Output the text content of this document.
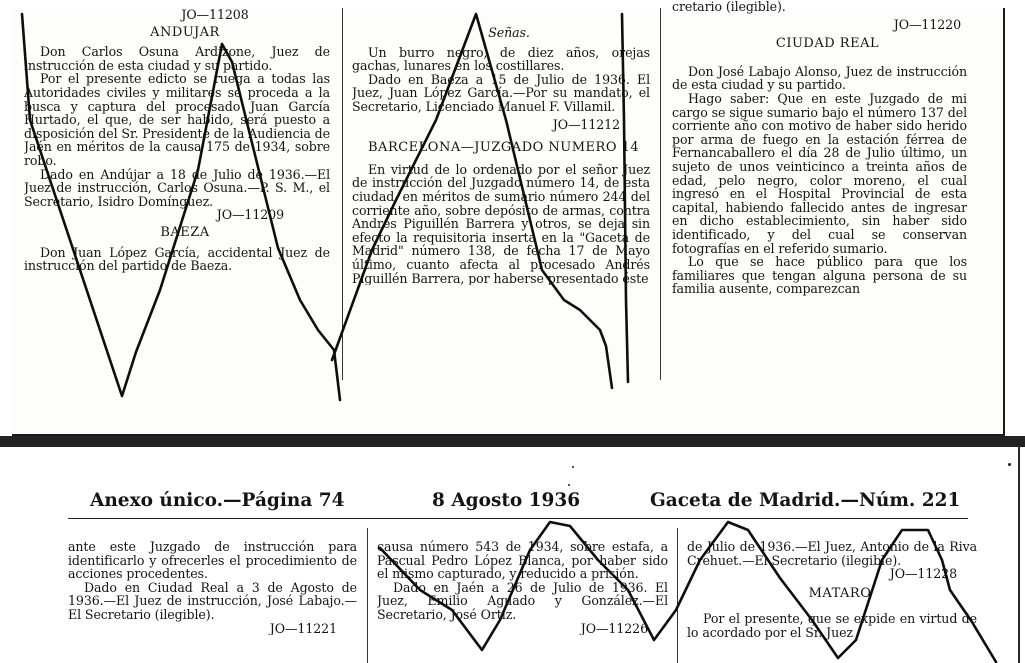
JO—11208

ANDUJAR

Don Carlos Osuna Ardizone, Juez de instrucción de esta ciudad y su partido.

Por el presente edicto se ruega a todas las Autoridades civiles y militares se proceda a la busca y captura del procesado Juan García Hurtado, el que, de ser habido, será puesto a disposición del Sr. Presidente de la Audiencia de Jaén en méritos de la causa 175 de 1934, sobre robo.

Dado en Andújar a 18 de Julio de 1936.—El Juez de instrucción, Carlos Osuna.—P. S. M., el Secretario, Isidro Domínguez.

JO—11209

BAEZA

Don Juan López García, accidental Juez de instrucción del partido de Baeza.

Señas.

Un burro negro, de diez años, orejas gachas, lunares en los costillares.

Dado en Baeza a 15 de Julio de 1936. El Juez, Juan López García.—Por su mandato, el Secretario, Licenciado Manuel F. Villamil.

JO—11212

BARCELONA—JUZGADO NUMERO 14

En virtud de lo ordenado por el señor Juez de instrucción del Juzgado número 14, de esta ciudad, en méritos de sumario número 244 del corriente año, sobre depósito de armas, contra Andrés Piguillén Barrera y otros, se deja sin efecto la requisitoria inserta en la "Gaceta de Madrid" número 138, de fecha 17 de Mayo último, cuanto afecta al procesado Andrés Piguillén Barrera, por haberse presentado éste

cretario (ilegible).

JO—11220

CIUDAD REAL

Don José Labajo Alonso, Juez de instrucción de esta ciudad y su partido.

Hago saber: Que en este Juzgado de mi cargo se sigue sumario bajo el número 137 del corriente año con motivo de haber sido herido por arma de fuego en la estación férrea de Fernancaballero el día 28 de Julio último, un sujeto de unos veinticinco a treinta años de edad, pelo negro, color moreno, el cual ingresó en el Hospital Provincial de esta capital, habiendo fallecido antes de ingresar en dicho establecimiento, sin haber sido identificado, y del cual se conservan fotografías en el referido sumario.

Lo que se hace público para que los familiares que tengan alguna persona de su familia ausente, comparezcan

Anexo único.—Página 74	8 Agosto 1936	Gaceta de Madrid.—Núm. 221

ante este Juzgado de instrucción para identificarlo y ofrecerles el procedimiento de acciones procedentes.

Dado en Ciudad Real a 3 de Agosto de 1936.—El Juez de instrucción, José Labajo.—El Secretario (ilegible).

JO—11221

causa número 543 de 1934, sobre estafa, a Pascual Pedro López Blanca, por haber sido el mismo capturado, y reducido a prisión.

Dado en Jaén a 26 de Julio de 1936. El Juez, Emilio Aguado y González.—El Secretario, José Ortiz.

JO—11226

de Julio de 1936.—El Juez, Antonio de la Riva Crehuet.—El Secretario (ilegible).

JO—11228

MATARO

Por el presente, que se expide en virtud de lo acordado por el Sr. Juez
